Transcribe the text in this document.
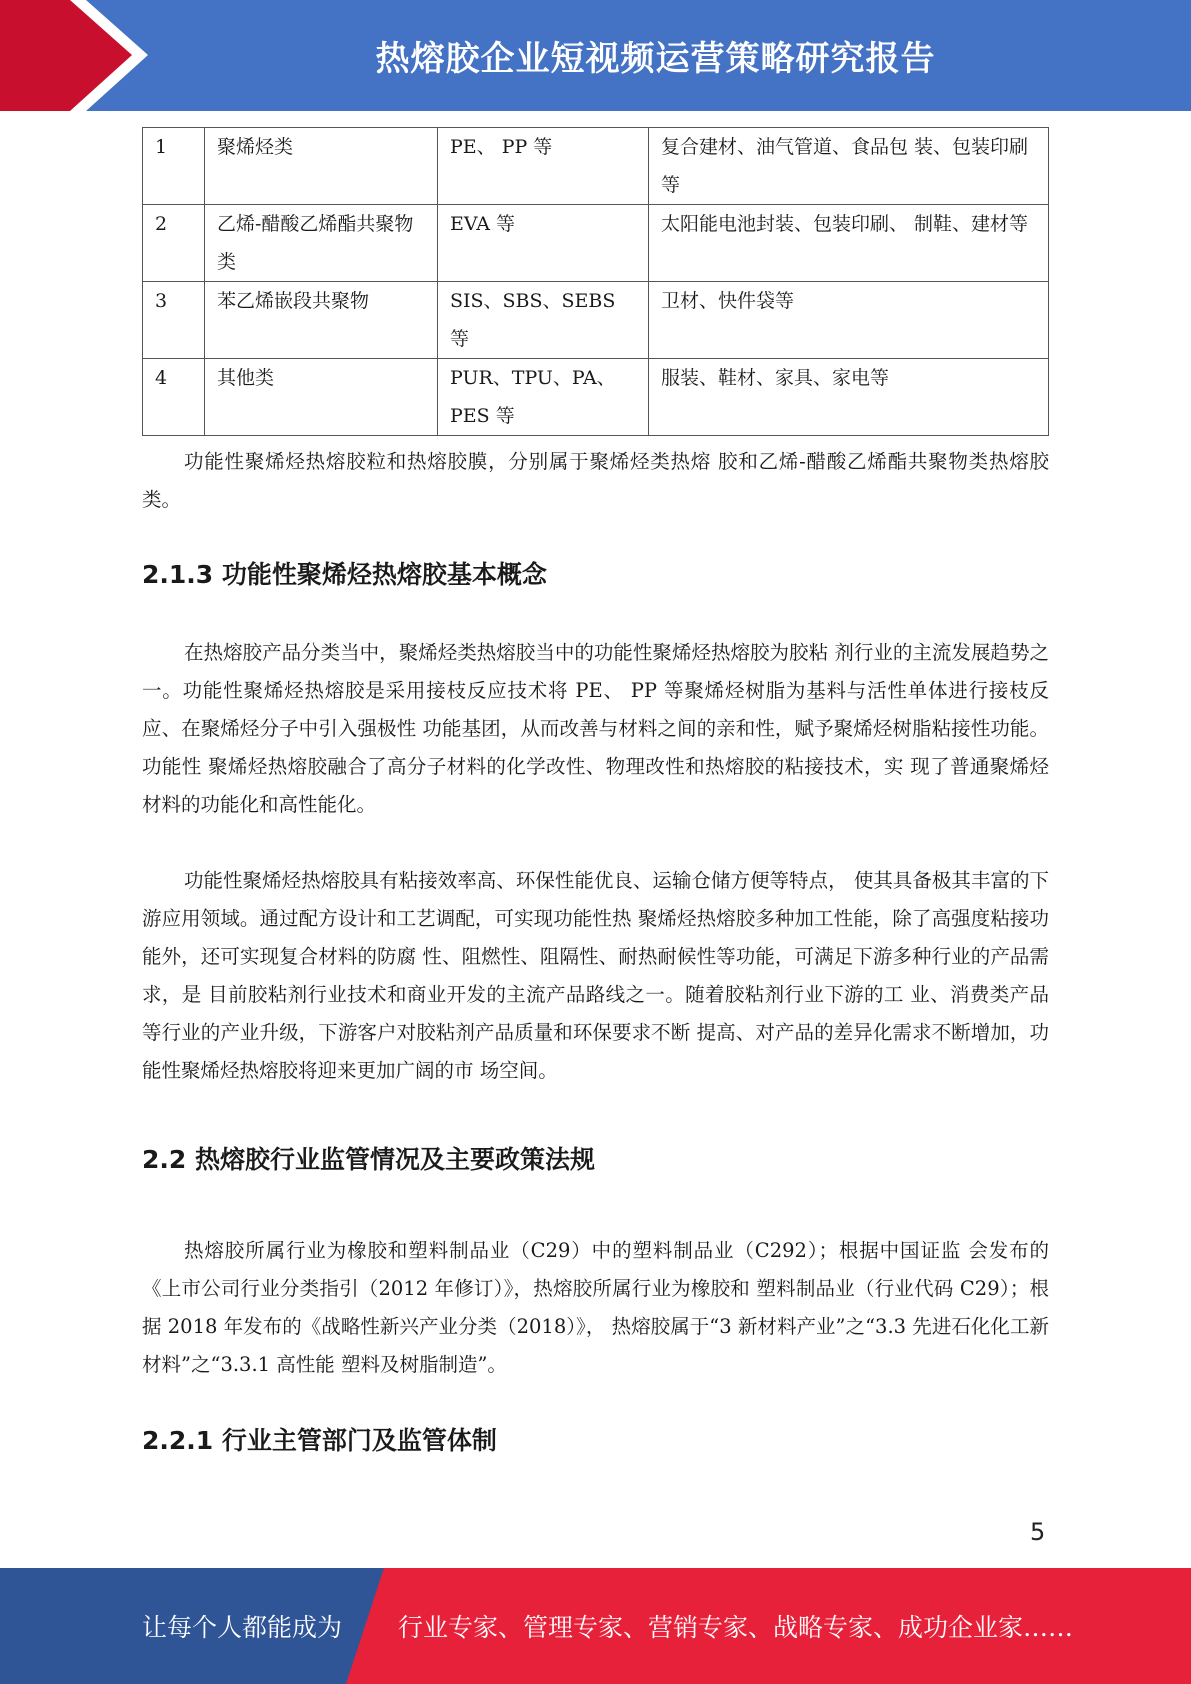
热熔胶企业短视频运营策略研究报告
1	聚烯烃类	PE、 PP 等	复合建材、油气管道、食品包 装、包装印刷等
2	乙烯-醋酸乙烯酯共聚物类	EVA 等	太阳能电池封装、包装印刷、 制鞋、建材等
3	苯乙烯嵌段共聚物	SIS、SBS、SEBS 等	卫材、快件袋等
4	其他类	PUR、TPU、PA、PES 等	服装、鞋材、家具、家电等

功能性聚烯烃热熔胶粒和热熔胶膜，分别属于聚烯烃类热熔 胶和乙烯-醋酸乙烯酯共聚物类热熔胶类。

2.1.3 功能性聚烯烃热熔胶基本概念

在热熔胶产品分类当中，聚烯烃类热熔胶当中的功能性聚烯烃热熔胶为胶粘 剂行业的主流发展趋势之一。功能性聚烯烃热熔胶是采用接枝反应技术将 PE、 PP 等聚烯烃树脂为基料与活性单体进行接枝反应、在聚烯烃分子中引入强极性 功能基团，从而改善与材料之间的亲和性，赋予聚烯烃树脂粘接性功能。功能性 聚烯烃热熔胶融合了高分子材料的化学改性、物理改性和热熔胶的粘接技术，实 现了普通聚烯烃材料的功能化和高性能化。

功能性聚烯烃热熔胶具有粘接效率高、环保性能优良、运输仓储方便等特点， 使其具备极其丰富的下游应用领域。通过配方设计和工艺调配，可实现功能性热 聚烯烃热熔胶多种加工性能，除了高强度粘接功能外，还可实现复合材料的防腐 性、阻燃性、阻隔性、耐热耐候性等功能，可满足下游多种行业的产品需求，是 目前胶粘剂行业技术和商业开发的主流产品路线之一。随着胶粘剂行业下游的工 业、消费类产品等行业的产业升级，下游客户对胶粘剂产品质量和环保要求不断 提高、对产品的差异化需求不断增加，功能性聚烯烃热熔胶将迎来更加广阔的市 场空间。

2.2 热熔胶行业监管情况及主要政策法规

热熔胶所属行业为橡胶和塑料制品业（C29）中的塑料制品业（C292）；根据中国证监 会发布的《上市公司行业分类指引（2012 年修订）》，热熔胶所属行业为橡胶和 塑料制品业（行业代码 C29）；根据 2018 年发布的《战略性新兴产业分类（2018）》， 热熔胶属于“3 新材料产业”之“3.3 先进石化化工新材料”之“3.3.1 高性能 塑料及树脂制造”。

2.2.1 行业主管部门及监管体制
5
让每个人都能成为 行业专家、管理专家、营销专家、战略专家、成功企业家……
